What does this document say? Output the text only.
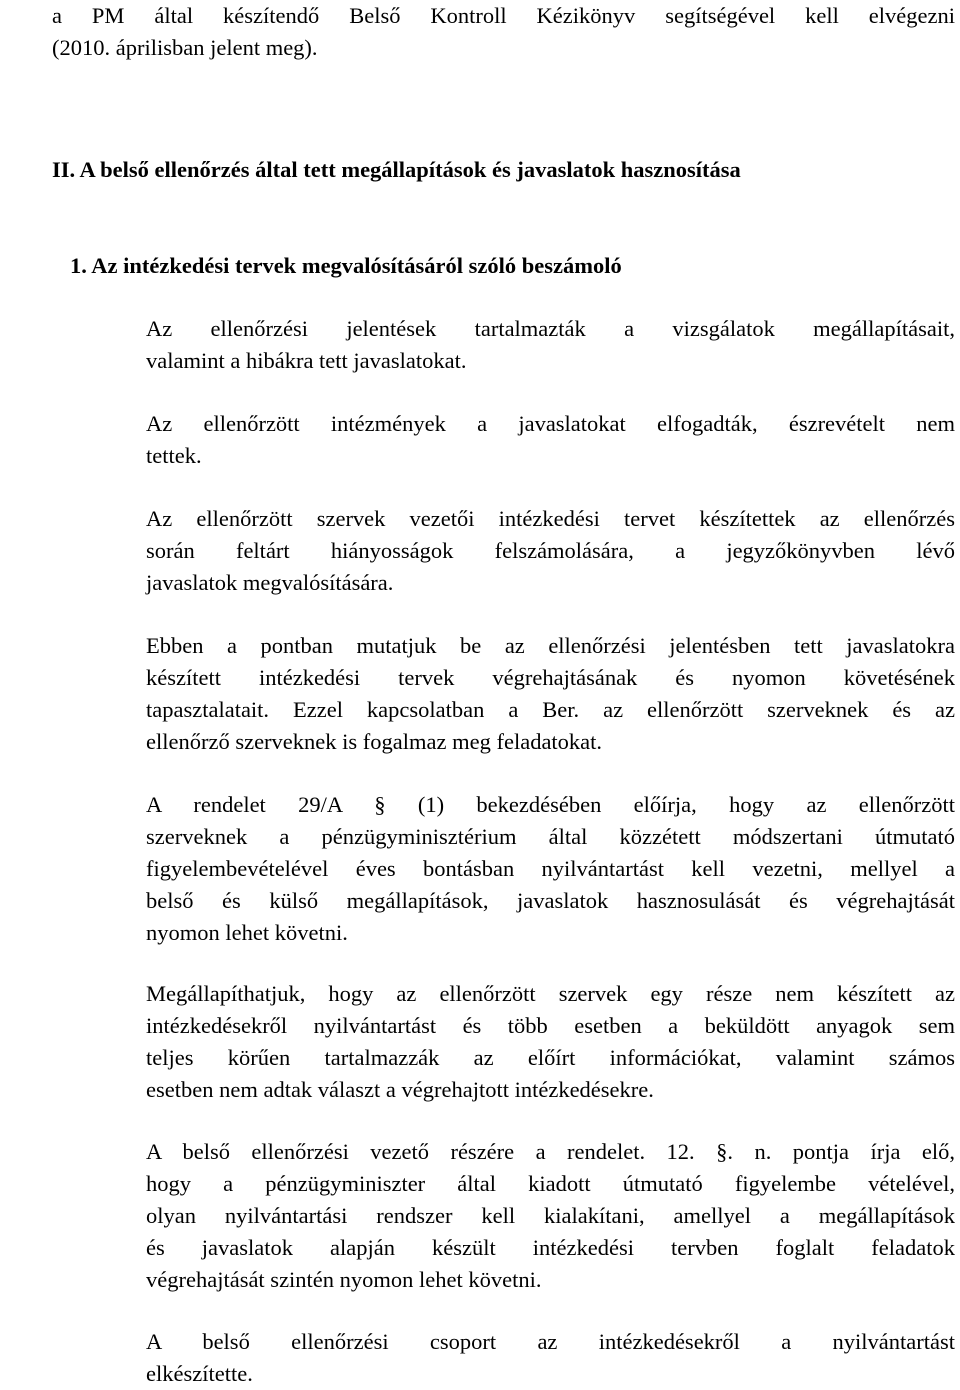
a PM által készítendő Belső Kontroll Kézikönyv segítségével kell elvégezni
(2010. áprilisban jelent meg).
II. A belső ellenőrzés által tett megállapítások és javaslatok hasznosítása
1. Az intézkedési tervek megvalósításáról szóló beszámoló
Az ellenőrzési jelentések tartalmazták a vizsgálatok megállapításait,
valamint a hibákra tett javaslatokat.
Az ellenőrzött intézmények a javaslatokat elfogadták, észrevételt nem
tettek.
Az ellenőrzött szervek vezetői intézkedési tervet készítettek az ellenőrzés
során feltárt hiányosságok felszámolására, a jegyzőkönyvben lévő
javaslatok megvalósítására.
Ebben a pontban mutatjuk be az ellenőrzési jelentésben tett javaslatokra
készített intézkedési tervek végrehajtásának és nyomon követésének
tapasztalatait. Ezzel kapcsolatban a Ber. az ellenőrzött szerveknek és az
ellenőrző szerveknek is fogalmaz meg feladatokat.
A rendelet 29/A § (1) bekezdésében előírja, hogy az ellenőrzött
szerveknek a pénzügyminisztérium által közzétett módszertani útmutató
figyelembevételével éves bontásban nyilvántartást kell vezetni, mellyel a
belső és külső megállapítások, javaslatok hasznosulását és végrehajtását
nyomon lehet követni.
Megállapíthatjuk, hogy az ellenőrzött szervek egy része nem készített az
intézkedésekről nyilvántartást és több esetben a beküldött anyagok sem
teljes körűen tartalmazzák az előírt információkat, valamint számos
esetben nem adtak választ a végrehajtott intézkedésekre.
A belső ellenőrzési vezető részére a rendelet. 12. §. n. pontja írja elő,
hogy a pénzügyminiszter által kiadott útmutató figyelembe vételével,
olyan nyilvántartási rendszer kell kialakítani, amellyel a megállapítások
és javaslatok alapján készült intézkedési tervben foglalt feladatok
végrehajtását szintén nyomon lehet követni.
A belső ellenőrzési csoport az intézkedésekről a nyilvántartást
elkészítette.
